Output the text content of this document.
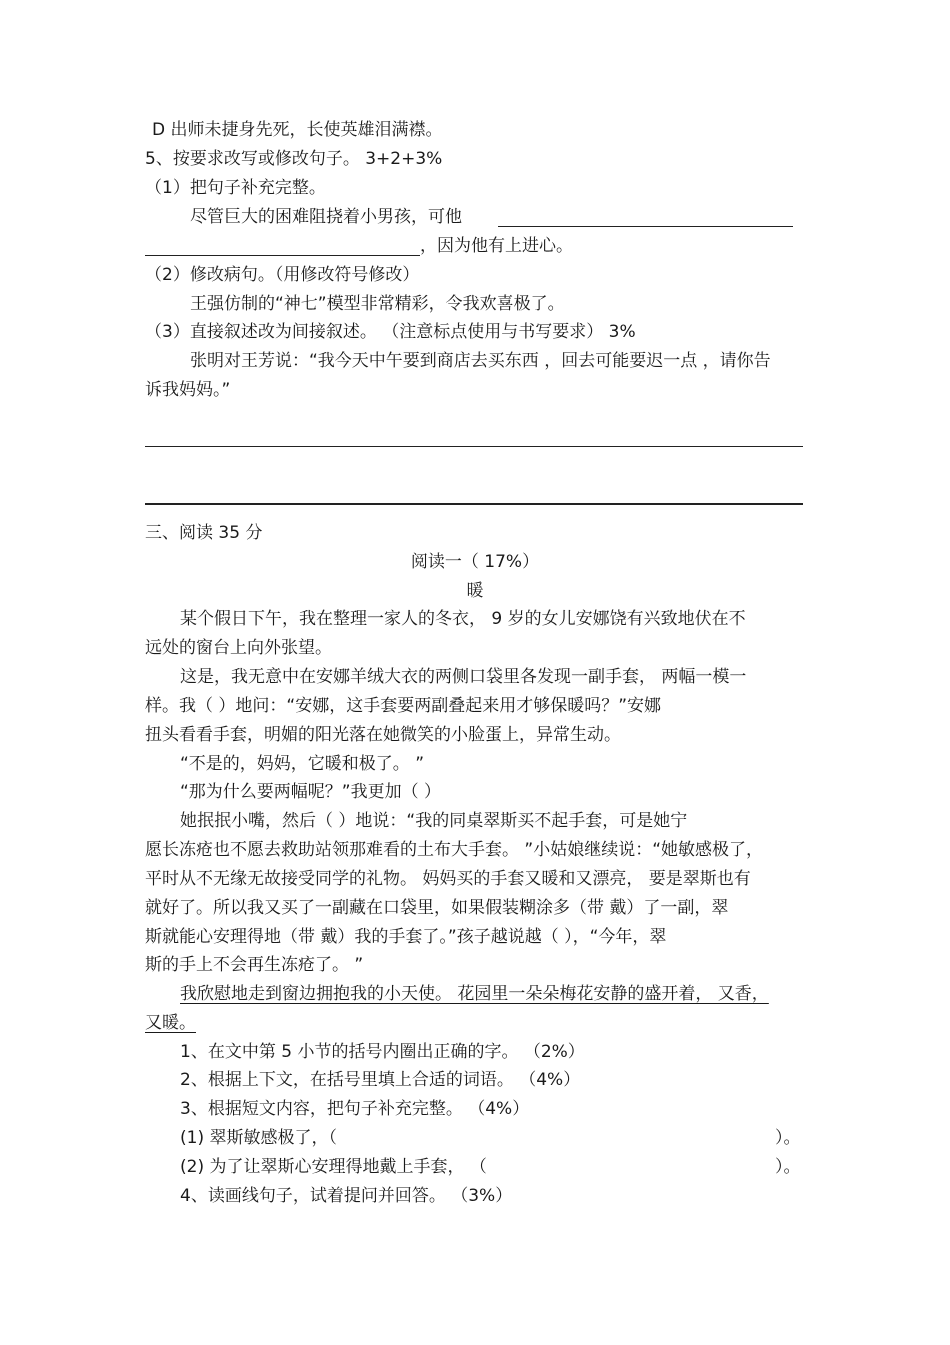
D 出师未捷身先死，长使英雄泪满襟。
5、按要求改写或修改句子。 3+2+3%
（1）把句子补充完整。
尽管巨大的困难阻挠着小男孩，可他
，因为他有上进心。
（2）修改病句。（用修改符号修改）
王强仿制的“神七”模型非常精彩，令我欢喜极了。
（3）直接叙述改为间接叙述。 （注意标点使用与书写要求） 3%
张明对王芳说：“我今天中午要到商店去买东西 ，回去可能要迟一点 ，请你告
诉我妈妈。”
三、阅读 35 分
阅读一（ 17%）
暖
某个假日下午，我在整理一家人的冬衣， 9 岁的女儿安娜饶有兴致地伏在不
远处的窗台上向外张望。
这是，我无意中在安娜羊绒大衣的两侧口袋里各发现一副手套， 两幅一模一
样。我（ ）地问：“安娜，这手套要两副叠起来用才够保暖吗？”安娜
扭头看看手套，明媚的阳光落在她微笑的小脸蛋上，异常生动。
“不是的，妈妈，它暖和极了。 ”
“那为什么要两幅呢？”我更加（ ）
她抿抿小嘴，然后（ ）地说：“我的同桌翠斯买不起手套，可是她宁
愿长冻疮也不愿去救助站领那难看的土布大手套。 ”小姑娘继续说：“她敏感极了，
平时从不无缘无故接受同学的礼物。 妈妈买的手套又暖和又漂亮， 要是翠斯也有
就好了。所以我又买了一副藏在口袋里，如果假装糊涂多（带 戴）了一副，翠
斯就能心安理得地（带 戴）我的手套了。”孩子越说越（ ），“今年，翠
斯的手上不会再生冻疮了。 ”
我欣慰地走到窗边拥抱我的小天使。 花园里一朵朵梅花安静的盛开着， 又香，
又暖。
1、在文中第 5 小节的括号内圈出正确的字。 （2%）
2、根据上下文，在括号里填上合适的词语。 （4%）
3、根据短文内容，把句子补充完整。 （4%）
(1) 翠斯敏感极了，（	）。
(2) 为了让翠斯心安理得地戴上手套， （	）。
4、读画线句子，试着提问并回答。 （3%）
